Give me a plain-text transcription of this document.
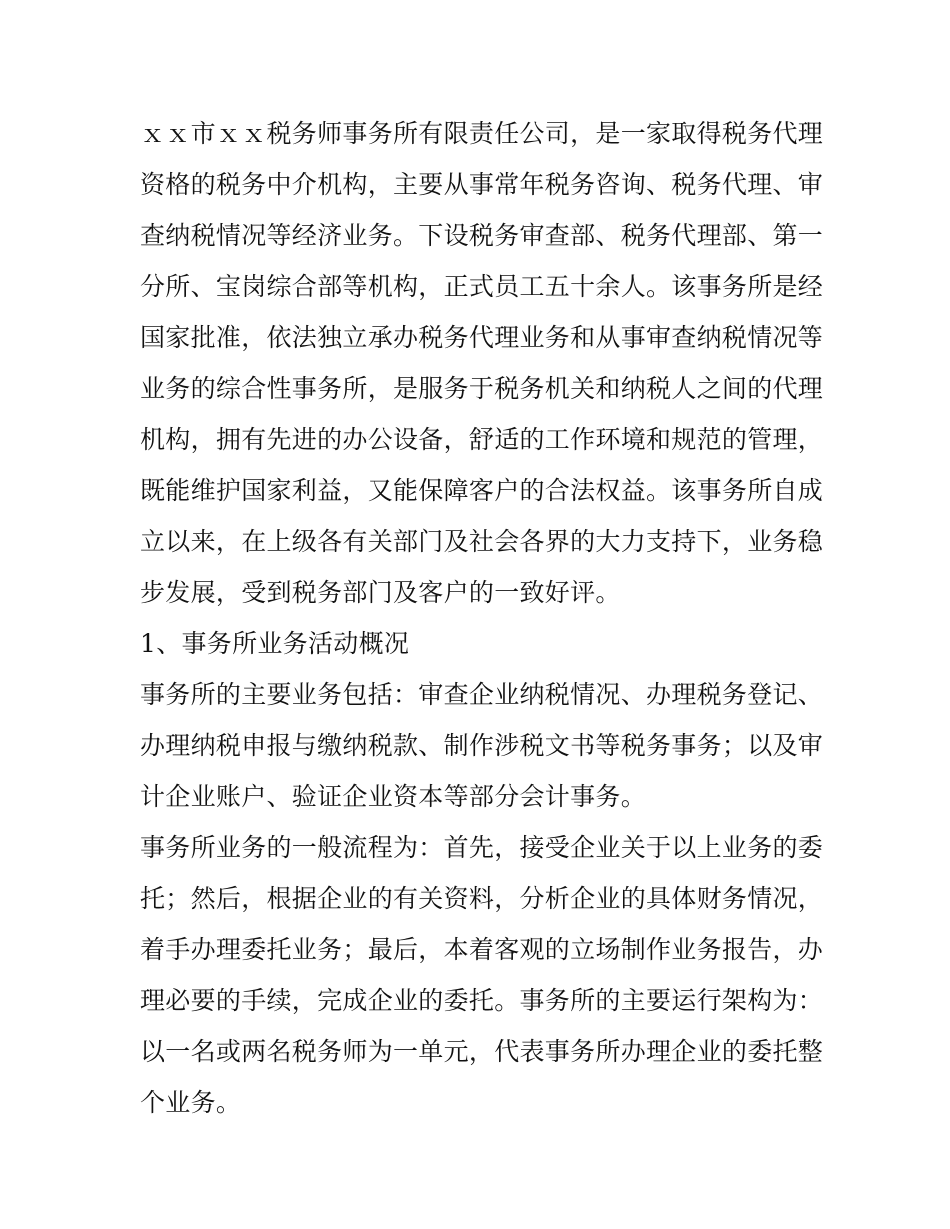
ｘｘ市ｘｘ税务师事务所有限责任公司，是一家取得税务代理
资格的税务中介机构，主要从事常年税务咨询、税务代理、审
查纳税情况等经济业务。下设税务审查部、税务代理部、第一
分所、宝岗综合部等机构，正式员工五十余人。该事务所是经
国家批准，依法独立承办税务代理业务和从事审查纳税情况等
业务的综合性事务所，是服务于税务机关和纳税人之间的代理
机构，拥有先进的办公设备，舒适的工作环境和规范的管理，
既能维护国家利益，又能保障客户的合法权益。该事务所自成
立以来，在上级各有关部门及社会各界的大力支持下，业务稳
步发展，受到税务部门及客户的一致好评。
1、事务所业务活动概况
事务所的主要业务包括：审查企业纳税情况、办理税务登记、
办理纳税申报与缴纳税款、制作涉税文书等税务事务；以及审
计企业账户、验证企业资本等部分会计事务。
事务所业务的一般流程为：首先，接受企业关于以上业务的委
托；然后，根据企业的有关资料，分析企业的具体财务情况，
着手办理委托业务；最后，本着客观的立场制作业务报告，办
理必要的手续，完成企业的委托。事务所的主要运行架构为：
以一名或两名税务师为一单元，代表事务所办理企业的委托整
个业务。
